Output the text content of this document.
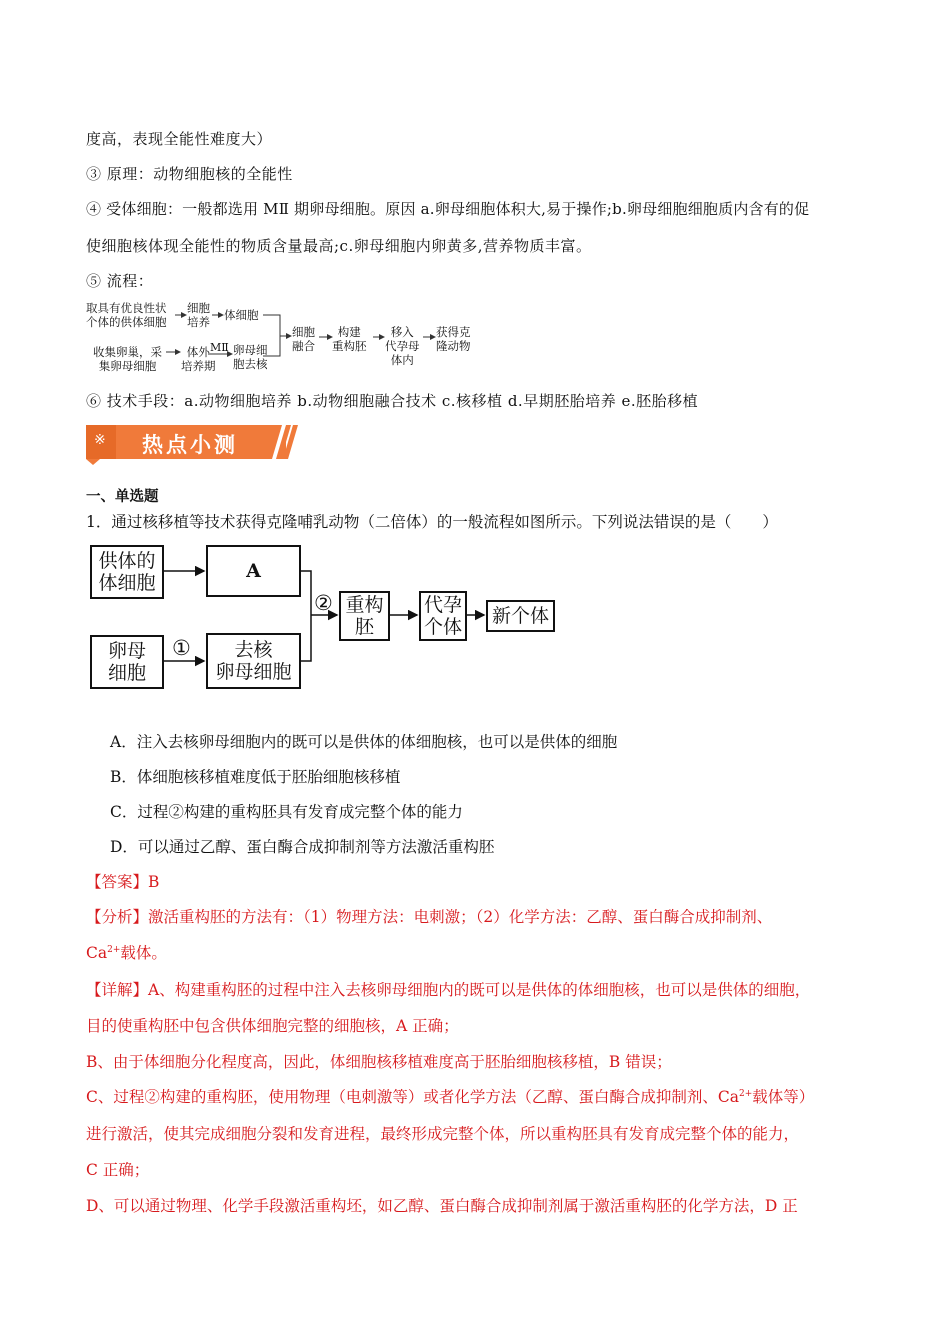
度高，表现全能性难度大）
③ 原理：动物细胞核的全能性
④ 受体细胞：一般都选用 MⅡ 期卵母细胞。原因 a.卵母细胞体积大,易于操作;b.卵母细胞细胞质内含有的促
使细胞核体现全能性的物质含量最高;c.卵母细胞内卵黄多,营养物质丰富。
⑤ 流程：
取具有优良性状
个体的供体细胞
细胞
培养 体细胞
收集卵巢，采
集卵母细胞
体外
培养期
MⅡ 卵母细
胞去核
细胞
融合
构建
重构胚
移入
代孕母
体内
获得克
隆动物
⑥ 技术手段：a.动物细胞培养 b.动物细胞融合技术 c.核移植 d.早期胚胎培养 e.胚胎移植
※ 热点小测
一、单选题
1．通过核移植等技术获得克隆哺乳动物（二倍体）的一般流程如图所示。下列说法错误的是（　　）
供体的
体细胞
A
卵母
细胞
①	去核
卵母细胞
② 重构
胚
代孕
个体	新个体
A．注入去核卵母细胞内的既可以是供体的体细胞核，也可以是供体的细胞
B．体细胞核移植难度低于胚胎细胞核移植
C．过程②构建的重构胚具有发育成完整个体的能力
D．可以通过乙醇、蛋白酶合成抑制剂等方法激活重构胚
【答案】B
【分析】激活重构胚的方法有：（1）物理方法：电刺激；（2）化学方法：乙醇、蛋白酶合成抑制剂、
$Ca^{2+}$载体。
【详解】A、构建重构胚的过程中注入去核卵母细胞内的既可以是供体的体细胞核，也可以是供体的细胞，
目的使重构胚中包含供体细胞完整的细胞核，A 正确；
B、由于体细胞分化程度高，因此，体细胞核移植难度高于胚胎细胞核移植，B 错误；
C、过程②构建的重构胚，使用物理（电刺激等）或者化学方法（乙醇、蛋白酶合成抑制剂、$Ca^{2+}$载体等）
进行激活，使其完成细胞分裂和发育进程，最终形成完整个体，所以重构胚具有发育成完整个体的能力，
C 正确；
D、可以通过物理、化学手段激活重构坯，如乙醇、蛋白酶合成抑制剂属于激活重构胚的化学方法，D 正
